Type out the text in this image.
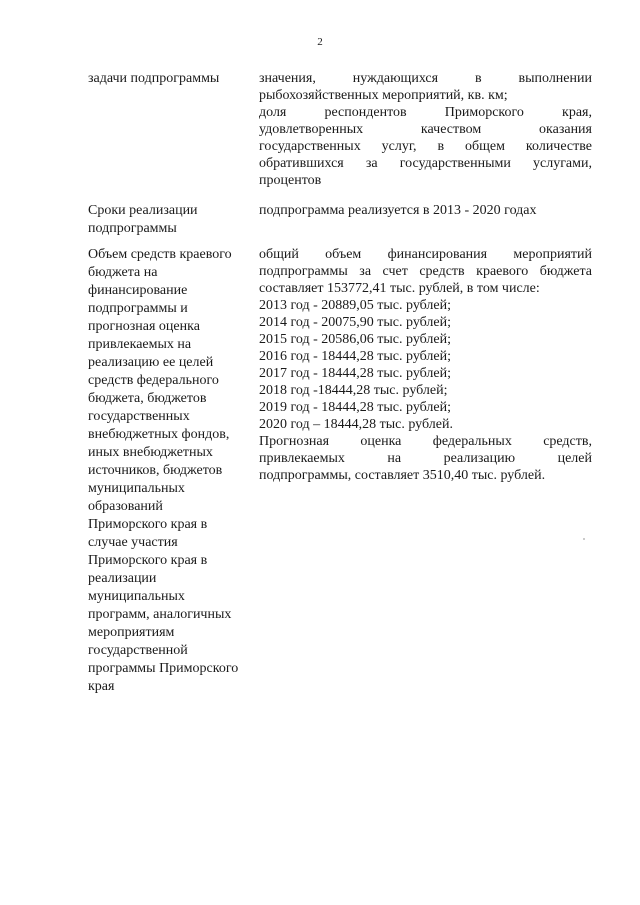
2
задачи подпрограммы	значения, нуждающихся в выполнении
рыбохозяйственных мероприятий, кв. км;
доля респондентов Приморского края,
удовлетворенных качеством оказания
государственных услуг, в общем количестве
обратившихся за государственными услугами,
процентов
Сроки реализации
подпрограммы
подпрограмма реализуется в 2013 - 2020 годах
Объем средств краевого
бюджета на
финансирование
подпрограммы и
прогнозная оценка
привлекаемых на
реализацию ее целей
средств федерального
бюджета, бюджетов
государственных
внебюджетных фондов,
иных внебюджетных
источников, бюджетов
муниципальных
образований
Приморского края в
случае участия
Приморского края в
реализации
муниципальных
программ, аналогичных
мероприятиям
государственной
программы Приморского
края
общий объем финансирования мероприятий
подпрограммы за счет средств краевого бюджета
составляет 153772,41 тыс. рублей, в том числе:
2013 год - 20889,05 тыс. рублей;
2014 год - 20075,90 тыс. рублей;
2015 год - 20586,06 тыс. рублей;
2016 год - 18444,28 тыс. рублей;
2017 год - 18444,28 тыс. рублей;
2018 год -18444,28 тыс. рублей;
2019 год - 18444,28 тыс. рублей;
2020 год – 18444,28 тыс. рублей.
Прогнозная оценка федеральных средств,
привлекаемых на реализацию целей
подпрограммы, составляет 3510,40 тыс. рублей.
